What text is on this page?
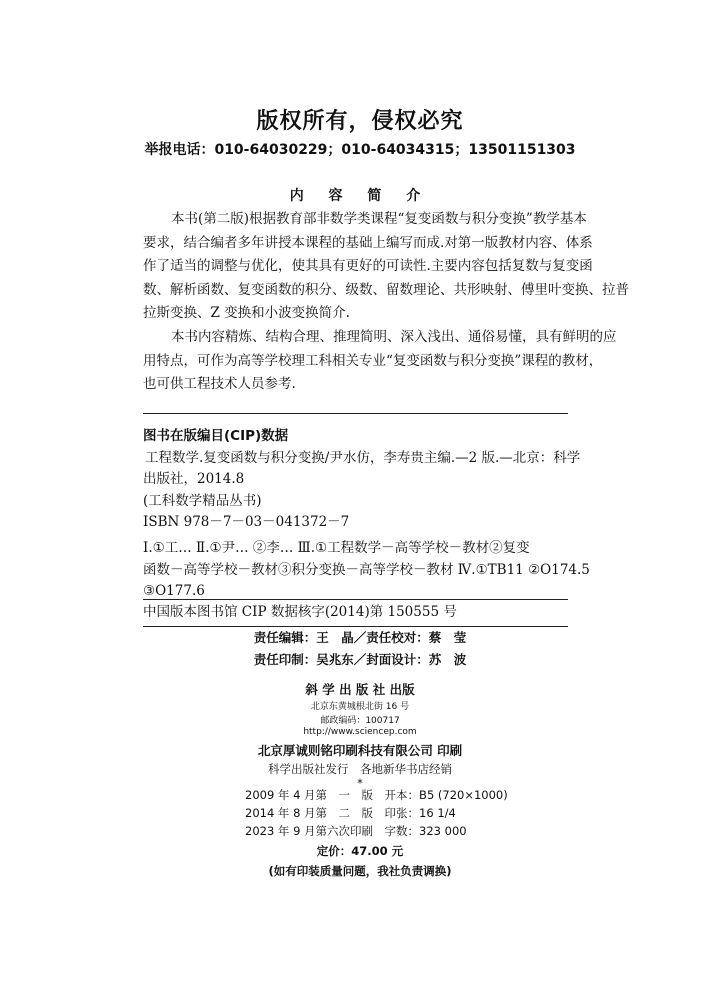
版权所有，侵权必究
举报电话：010-64030229；010-64034315；13501151303
内 容 简 介
本书(第二版)根据教育部非数学类课程“复变函数与积分变换”教学基本
要求，结合编者多年讲授本课程的基础上编写而成.对第一版教材内容、体系
作了适当的调整与优化，使其具有更好的可读性.主要内容包括复数与复变函
数、解析函数、复变函数的积分、级数、留数理论、共形映射、傅里叶变换、拉普
拉斯变换、Z 变换和小波变换简介.
本书内容精炼、结构合理、推理简明、深入浅出、通俗易懂，具有鲜明的应
用特点，可作为高等学校理工科相关专业“复变函数与积分变换”课程的教材，
也可供工程技术人员参考.
图书在版编目(CIP)数据
工程数学.复变函数与积分变换/尹水仿，李寿贵主编.—2 版.—北京：科学
出版社，2014.8
(工科数学精品丛书)
ISBN 978－7－03－041372－7
Ⅰ.①工… Ⅱ.①尹… ②李… Ⅲ.①工程数学－高等学校－教材②复变
函数－高等学校－教材③积分变换－高等学校－教材 Ⅳ.①TB11 ②O174.5
③O177.6
中国版本图书馆 CIP 数据核字(2014)第 150555 号
责任编辑：王　晶／责任校对：蔡　莹
责任印制：吴兆东／封面设计：苏　波
斜 学 出 版 社 出版
北京东黄城根北街 16 号
邮政编码：100717
http://www.sciencep.com
北京厚诚则铭印刷科技有限公司 印刷
科学出版社发行　各地新华书店经销
*
2009 年 4 月第　一　版　开本：B5 (720×1000)
2014 年 8 月第　二　版　印张：16 1/4
2023 年 9 月第六次印刷　字数：323 000
定价：47.00 元
(如有印装质量问题，我社负责调换)
